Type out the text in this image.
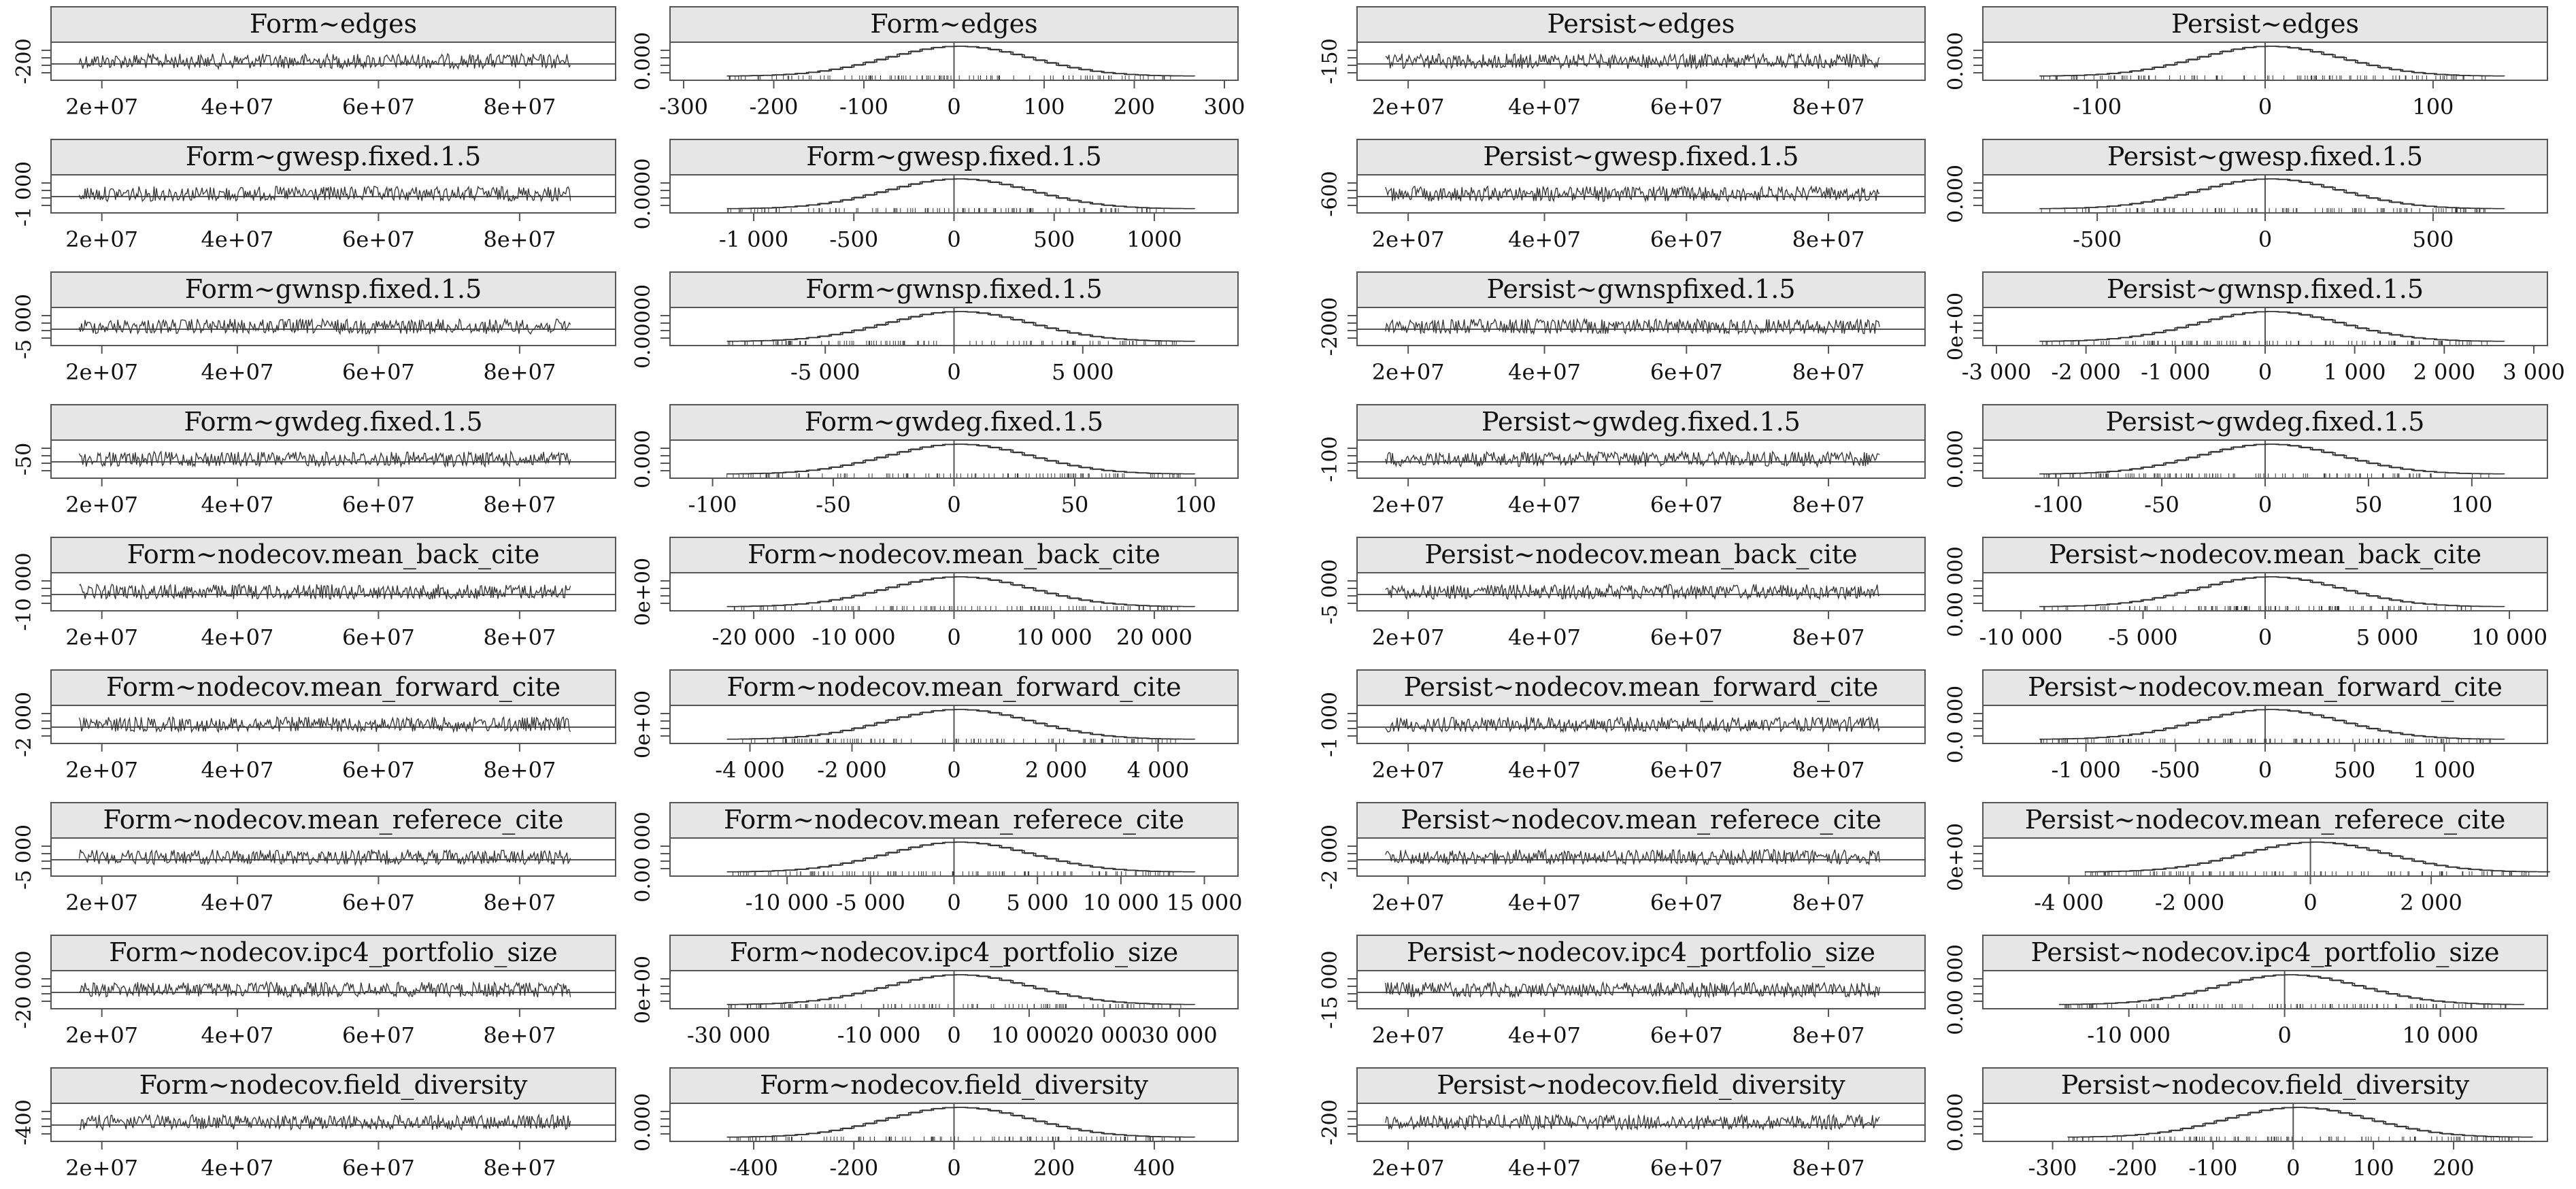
Form~edges
-200
2e+07	4e+07	6e+07	8e+07
Form~edges
0.000
-300 -200 -100	0	100 200 300
Form~gwesp.fixed.1.5
-1 000
2e+07	4e+07	6e+07	8e+07
Form~gwesp.fixed.1.5
0.0000
-1 000 -500	0	500 1000
Form~gwnsp.fixed.1.5
-5 000
2e+07	4e+07	6e+07	8e+07
Form~gwnsp.fixed.1.5
0.00000
-5 000	0	5 000
Form~gwdeg.fixed.1.5
-50
2e+07	4e+07	6e+07	8e+07
Form~gwdeg.fixed.1.5
0.000
-100	-50	0	50	100
Form~nodecov.mean_back_cite
-10 000
2e+07	4e+07	6e+07	8e+07
Form~nodecov.mean_back_cite
0e+00
-20 000 -10 000 0	10 000 20 000
Form~nodecov.mean_forward_cite
-2 000
2e+07	4e+07	6e+07	8e+07
Form~nodecov.mean_forward_cite
0e+00
-4 000 -2 000	0	2 000 4 000
Form~nodecov.mean_referece_cite
-5 000
2e+07	4e+07	6e+07	8e+07
Form~nodecov.mean_referece_cite
0.00 000
-10 000 -5 000 0 5 000 10 000 15 000
Form~nodecov.ipc4_portfolio_size
-20 000
2e+07	4e+07	6e+07	8e+07
Form~nodecov.ipc4_portfolio_size
0e+00
-30 000	-10 000 0 10 000
20 000
30 000
Form~nodecov.field_diversity
-400
2e+07	4e+07	6e+07	8e+07
Form~nodecov.field_diversity
0.000
-400 -200	0	200	400
Persist~edges
-150
2e+07	4e+07	6e+07	8e+07
Persist~edges
0.000
-100	0	100
Persist~gwesp.fixed.1.5
-600
2e+07	4e+07	6e+07	8e+07
Persist~gwesp.fixed.1.5
0.000
-500	0	500
Persist~gwnspfixed.1.5
-2000
2e+07	4e+07	6e+07	8e+07
Persist~gwnsp.fixed.1.5
0e+00
-3 000 -2 000 -1 000 0 1 000 2 000 3 000
Persist~gwdeg.fixed.1.5
-100
2e+07	4e+07	6e+07	8e+07
Persist~gwdeg.fixed.1.5
0.000
-100	-50	0	50	100
Persist~nodecov.mean_back_cite
-5 000
2e+07	4e+07	6e+07	8e+07
Persist~nodecov.mean_back_cite
0.00 000
-10 000 -5 000	0	5 000 10 000
Persist~nodecov.mean_forward_cite
-1 000
2e+07	4e+07	6e+07	8e+07
Persist~nodecov.mean_forward_cite
0.0 000
-1 000 -500	0	500 1 000
Persist~nodecov.mean_referece_cite
-2 000
2e+07	4e+07	6e+07	8e+07
Persist~nodecov.mean_referece_cite
0e+00
-4 000 -2 000	0	2 000
Persist~nodecov.ipc4_portfolio_size
-15 000
2e+07	4e+07	6e+07	8e+07
Persist~nodecov.ipc4_portfolio_size
0.00 000
-10 000	0	10 000
Persist~nodecov.field_diversity
-200
2e+07	4e+07	6e+07	8e+07
Persist~nodecov.field_diversity
0.000
-300 -200 -100 0 100 200
